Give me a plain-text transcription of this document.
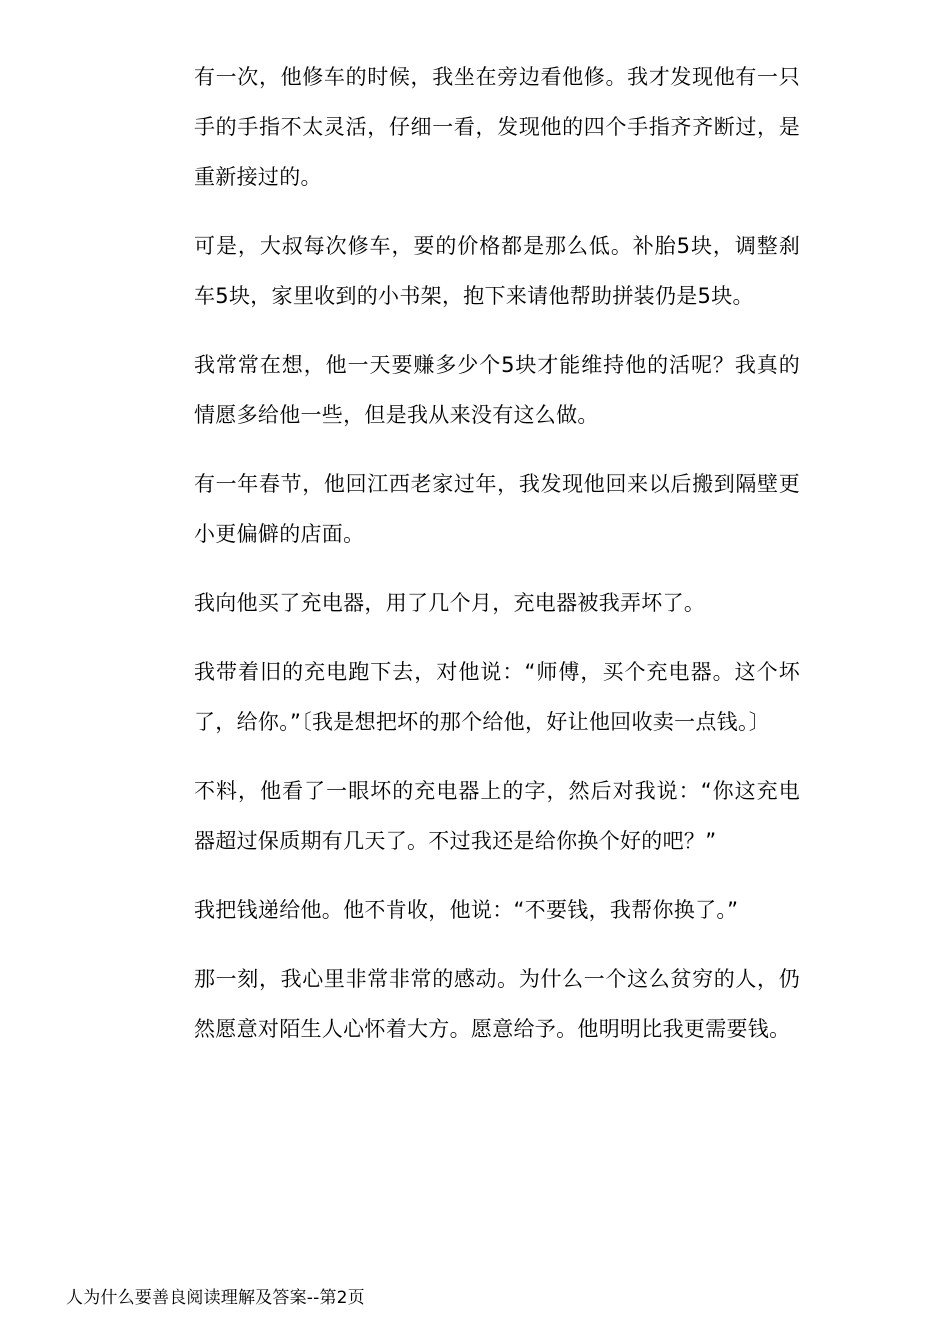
有一次，他修车的时候，我坐在旁边看他修。我才发现他有一只手的手指不太灵活，仔细一看，发现他的四个手指齐齐断过，是重新接过的。

可是，大叔每次修车，要的价格都是那么低。补胎5块，调整刹车5块，家里收到的小书架，抱下来请他帮助拼装仍是5块。

我常常在想，他一天要赚多少个5块才能维持他的活呢？我真的情愿多给他一些，但是我从来没有这么做。

有一年春节，他回江西老家过年，我发现他回来以后搬到隔壁更小更偏僻的店面。

我向他买了充电器，用了几个月，充电器被我弄坏了。

我带着旧的充电跑下去，对他说：“师傅，买个充电器。这个坏了，给你。”〔我是想把坏的那个给他，好让他回收卖一点钱。〕

不料，他看了一眼坏的充电器上的字，然后对我说：“你这充电器超过保质期有几天了。不过我还是给你换个好的吧？”

我把钱递给他。他不肯收，他说：“不要钱，我帮你换了。”

那一刻，我心里非常非常的感动。为什么一个这么贫穷的人，仍然愿意对陌生人心怀着大方。愿意给予。他明明比我更需要钱。

人为什么要善良阅读理解及答案--第2页
